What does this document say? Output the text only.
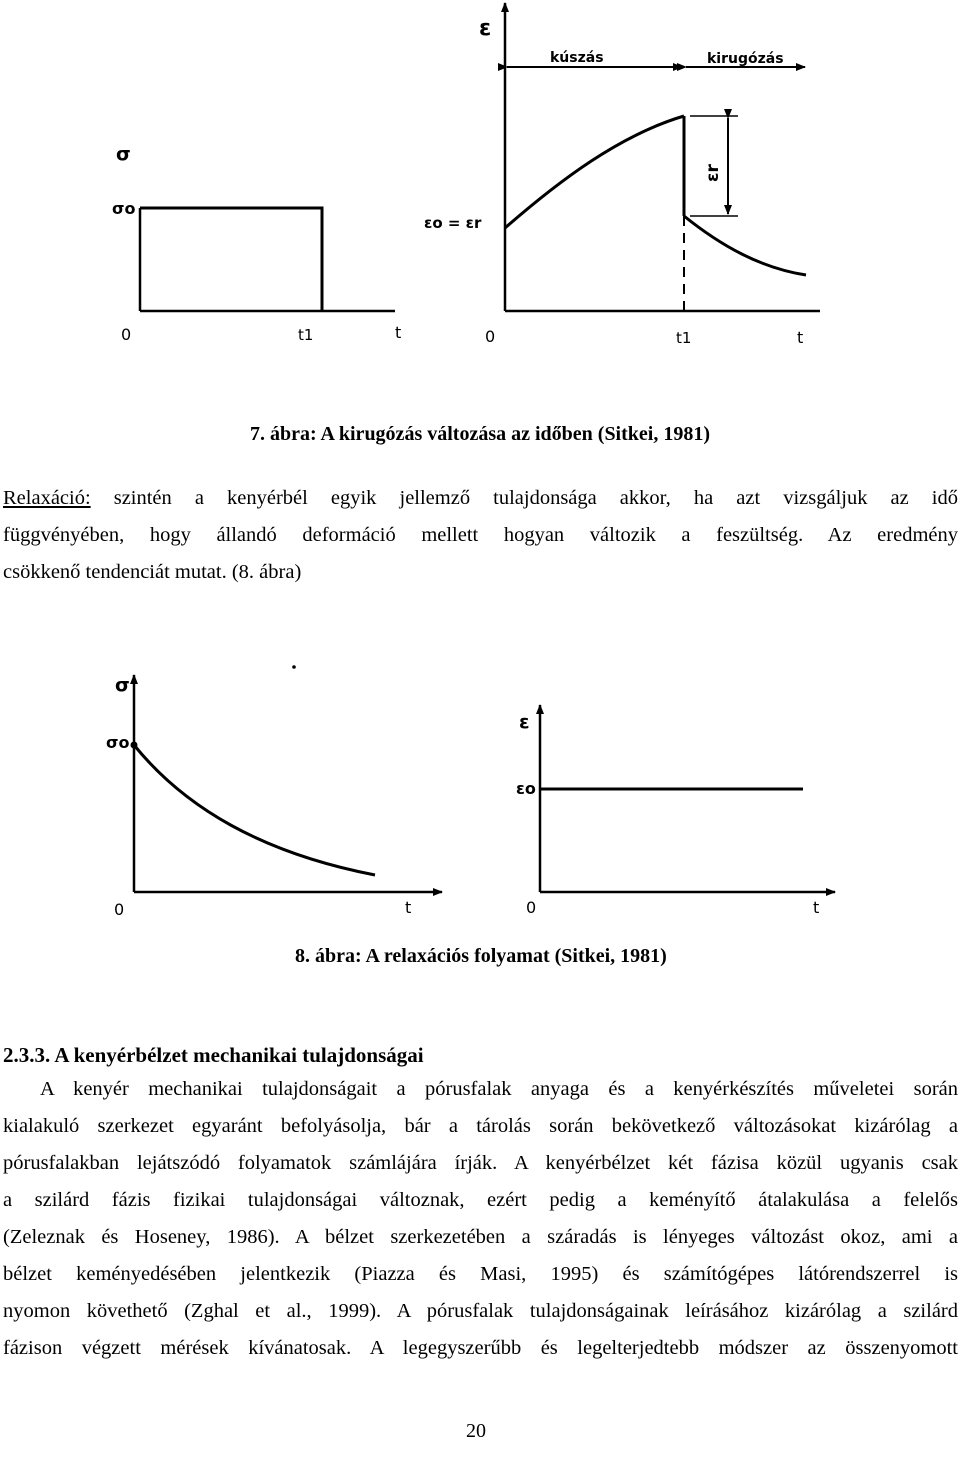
σ
σo
0	t1	t
ε
kúszás	kirugózás
εr
εo = εr
0	t1	t
7. ábra: A kirugózás változása az időben (Sitkei, 1981)
Relaxáció: szintén a kenyérbél egyik jellemző tulajdonsága akkor, ha azt vizsgáljuk az idő
függvényében, hogy állandó deformáció mellett hogyan változik a feszültség. Az eredmény
csökkenő tendenciát mutat. (8. ábra)
σ
σo
0	t
ε
εo
0	t
8. ábra: A relaxációs folyamat (Sitkei, 1981)
2.3.3. A kenyérbélzet mechanikai tulajdonságai
A kenyér mechanikai tulajdonságait a pórusfalak anyaga és a kenyérkészítés műveletei során
kialakuló szerkezet egyaránt befolyásolja, bár a tárolás során bekövetkező változásokat kizárólag a
pórusfalakban lejátszódó folyamatok számlájára írják. A kenyérbélzet két fázisa közül ugyanis csak
a szilárd fázis fizikai tulajdonságai változnak, ezért pedig a keményítő átalakulása a felelős
(Zeleznak és Hoseney, 1986). A bélzet szerkezetében a száradás is lényeges változást okoz, ami a
bélzet keményedésében jelentkezik (Piazza és Masi, 1995) és számítógépes látórendszerrel is
nyomon követhető (Zghal et al., 1999). A pórusfalak tulajdonságainak leírásához kizárólag a szilárd
fázison végzett mérések kívánatosak. A legegyszerűbb és legelterjedtebb módszer az összenyomott
20
